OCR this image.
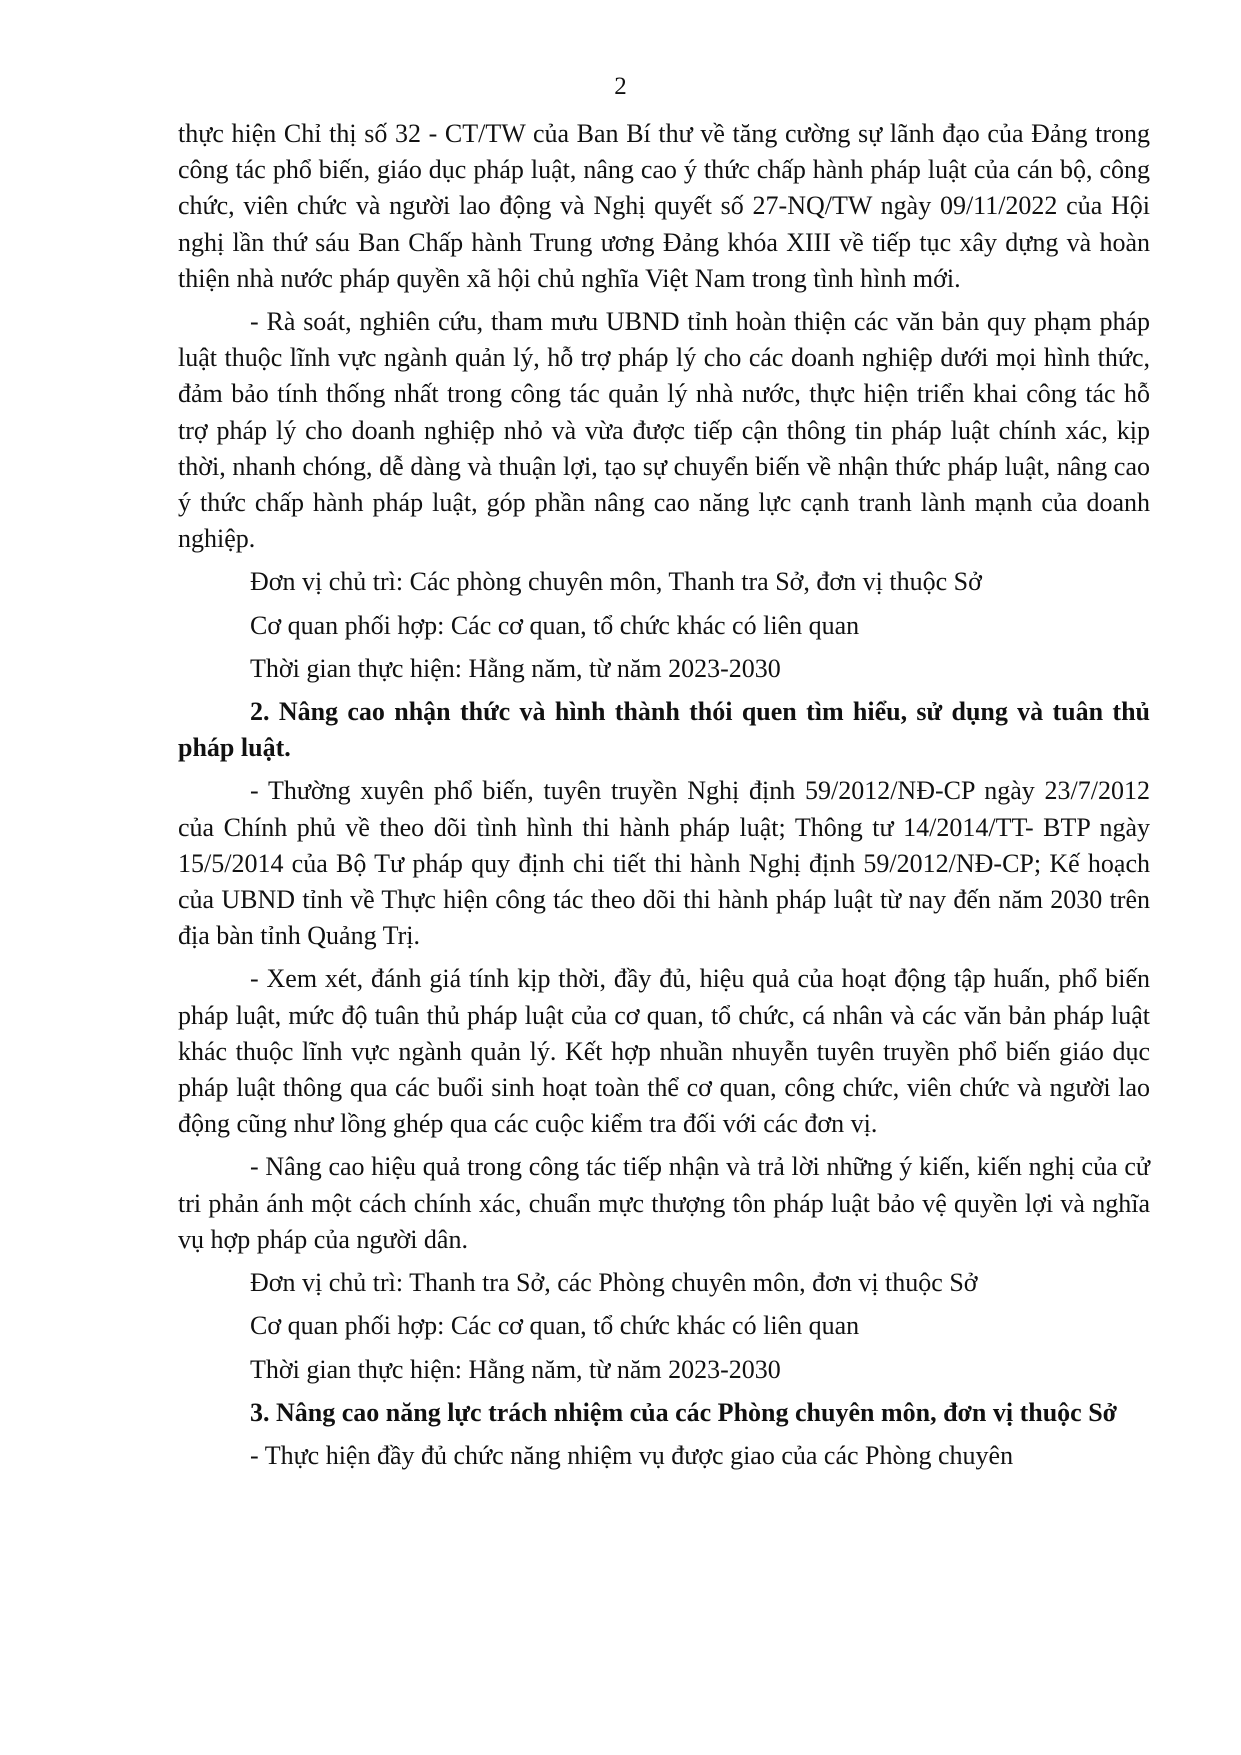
2

thực hiện Chỉ thị số 32 - CT/TW của Ban Bí thư về tăng cường sự lãnh đạo của Đảng trong công tác phổ biến, giáo dục pháp luật, nâng cao ý thức chấp hành pháp luật của cán bộ, công chức, viên chức và người lao động và Nghị quyết số 27-NQ/TW ngày 09/11/2022 của Hội nghị lần thứ sáu Ban Chấp hành Trung ương Đảng khóa XIII về tiếp tục xây dựng và hoàn thiện nhà nước pháp quyền xã hội chủ nghĩa Việt Nam trong tình hình mới.

- Rà soát, nghiên cứu, tham mưu UBND tỉnh hoàn thiện các văn bản quy phạm pháp luật thuộc lĩnh vực ngành quản lý, hỗ trợ pháp lý cho các doanh nghiệp dưới mọi hình thức, đảm bảo tính thống nhất trong công tác quản lý nhà nước, thực hiện triển khai công tác hỗ trợ pháp lý cho doanh nghiệp nhỏ và vừa được tiếp cận thông tin pháp luật chính xác, kịp thời, nhanh chóng, dễ dàng và thuận lợi, tạo sự chuyển biến về nhận thức pháp luật, nâng cao ý thức chấp hành pháp luật, góp phần nâng cao năng lực cạnh tranh lành mạnh của doanh nghiệp.

Đơn vị chủ trì: Các phòng chuyên môn, Thanh tra Sở, đơn vị thuộc Sở

Cơ quan phối hợp: Các cơ quan, tổ chức khác có liên quan

Thời gian thực hiện: Hằng năm, từ năm 2023-2030

2. Nâng cao nhận thức và hình thành thói quen tìm hiểu, sử dụng và tuân thủ pháp luật.

- Thường xuyên phổ biến, tuyên truyền Nghị định 59/2012/NĐ-CP ngày 23/7/2012 của Chính phủ về theo dõi tình hình thi hành pháp luật; Thông tư 14/2014/TT- BTP ngày 15/5/2014 của Bộ Tư pháp quy định chi tiết thi hành Nghị định 59/2012/NĐ-CP; Kế hoạch của UBND tỉnh về Thực hiện công tác theo dõi thi hành pháp luật từ nay đến năm 2030 trên địa bàn tỉnh Quảng Trị.

- Xem xét, đánh giá tính kịp thời, đầy đủ, hiệu quả của hoạt động tập huấn, phổ biến pháp luật, mức độ tuân thủ pháp luật của cơ quan, tổ chức, cá nhân và các văn bản pháp luật khác thuộc lĩnh vực ngành quản lý. Kết hợp nhuần nhuyễn tuyên truyền phổ biến giáo dục pháp luật thông qua các buổi sinh hoạt toàn thể cơ quan, công chức, viên chức và người lao động cũng như lồng ghép qua các cuộc kiểm tra đối với các đơn vị.

- Nâng cao hiệu quả trong công tác tiếp nhận và trả lời những ý kiến, kiến nghị của cử tri phản ánh một cách chính xác, chuẩn mực thượng tôn pháp luật bảo vệ quyền lợi và nghĩa vụ hợp pháp của người dân.

Đơn vị chủ trì: Thanh tra Sở, các Phòng chuyên môn, đơn vị thuộc Sở

Cơ quan phối hợp: Các cơ quan, tổ chức khác có liên quan

Thời gian thực hiện: Hằng năm, từ năm 2023-2030

3. Nâng cao năng lực trách nhiệm của các Phòng chuyên môn, đơn vị thuộc Sở

- Thực hiện đầy đủ chức năng nhiệm vụ được giao của các Phòng chuyên
